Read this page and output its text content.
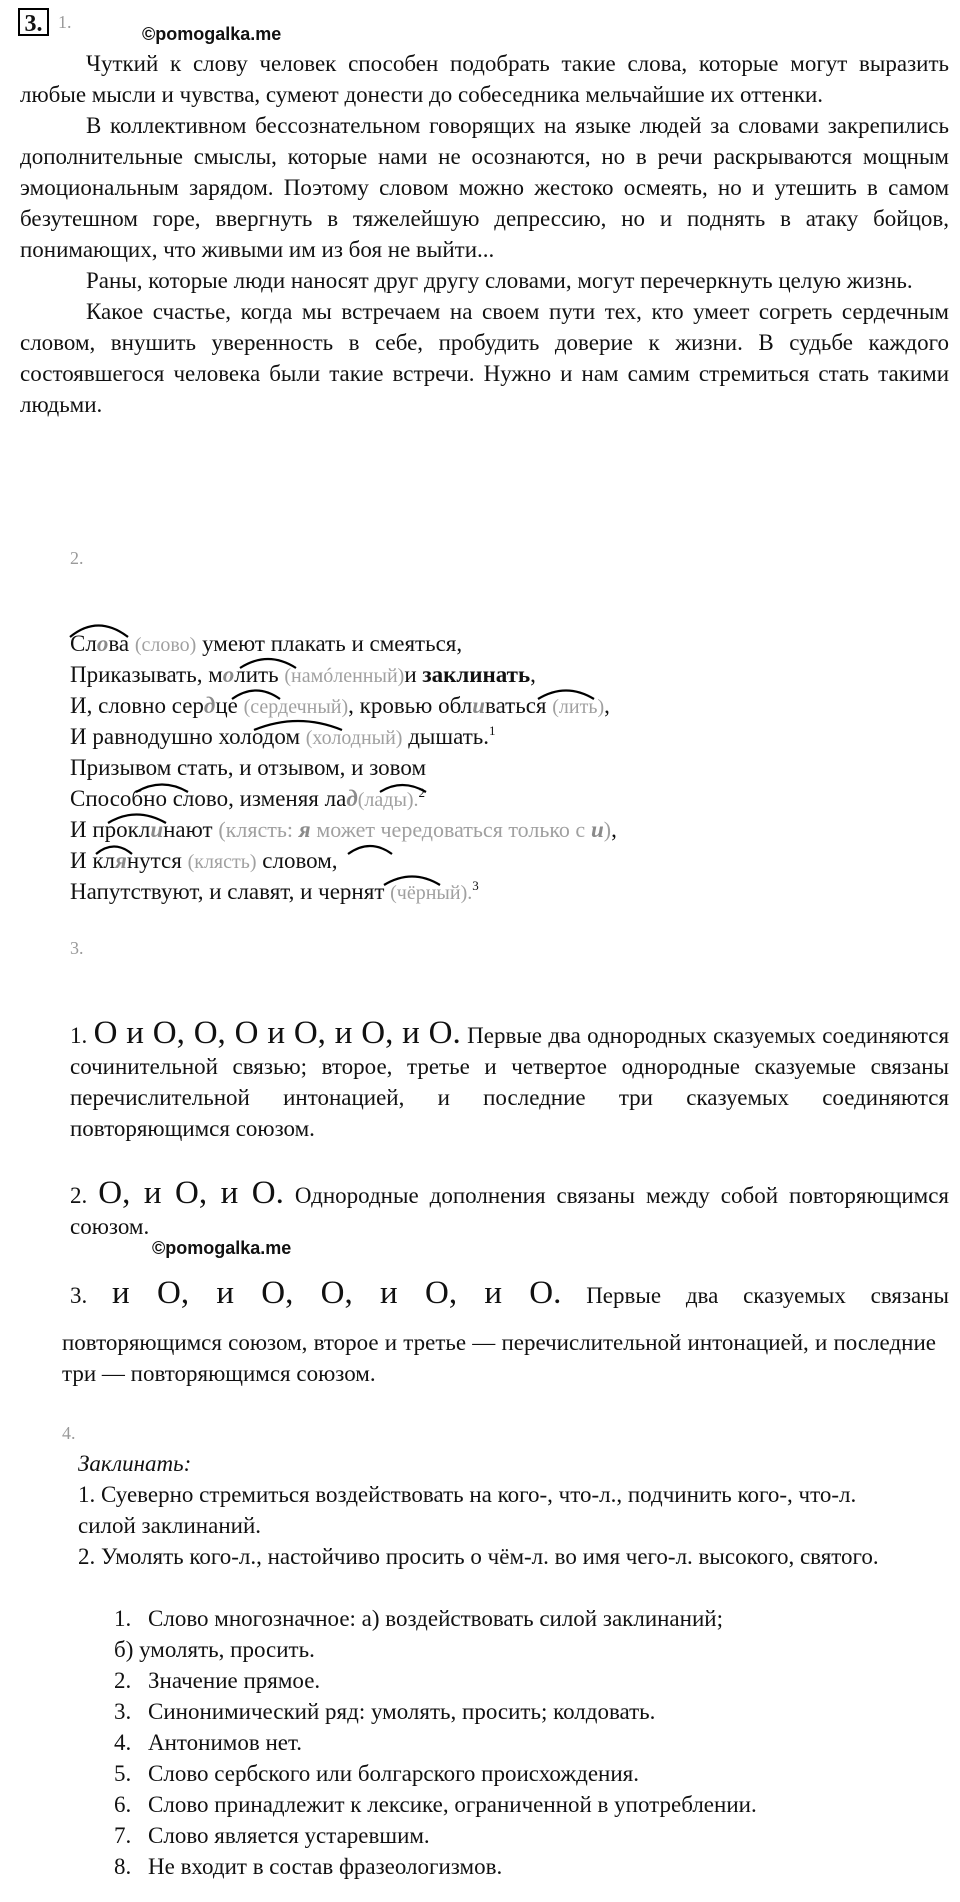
3. 1.
©pomogalka.me

Чуткий к слову человек способен подобрать такие слова, которые могут выразить любые мысли и чувства, сумеют донести до собеседника мельчайшие их оттенки.

В коллективном бессознательном говорящих на языке людей за словами закрепились дополнительные смыслы, которые нами не осознаются, но в речи раскрываются мощным эмоциональным зарядом. Поэтому словом можно жестоко осмеять, но и утешить в самом безутешном горе, ввергнуть в тяжелейшую депрессию, но и поднять в атаку бойцов, понимающих, что живыми им из боя не выйти...

Раны, которые люди наносят друг другу словами, могут перечеркнуть целую жизнь.

Какое счастье, когда мы встречаем на своем пути тех, кто умеет согреть сердечным словом, внушить уверенность в себе, пробудить доверие к жизни. В судьбе каждого состоявшегося человека были такие встречи. Нужно и нам самим стремиться стать такими людьми.

2.
Слова (слово) умеют плакать и смеяться,
Приказывать, молить (намóленный)и заклинать,
И, словно сердце (сердечный), кровью обливаться (лить),
И равнодушно холодом (холодный) дышать.$^1$
Призывом стать, и отзывом, и зовом
Способно слово, изменяя лад(лады).$^2$
И проклинают (клясть: я может чередоваться только с и),
И клянутся (клясть) словом,
Напутствуют, и славят, и чернят (чёрный).$^3$
3.
1. О и О, О, О и О, и О, и О. Первые два однородных сказуемых соединяются сочинительной связью; второе, третье и четвертое однородные сказуемые связаны перечислительной интонацией, и последние три сказуемых соединяются повторяющимся союзом.
2. О, и О, и О. Однородные дополнения связаны между собой повторяющимся союзом.
©pomogalka.me
3. и О, и О, О, и О, и О. Первые два сказуемых связаны
повторяющимся союзом, второе и третье — перечислительной интонацией, и последние три — повторяющимся союзом.
4.
Заклинать:
1. Суеверно стремиться воздействовать на кого-, что-л., подчинить кого-, что-л. силой заклинаний.
2. Умолять кого-л., настойчиво просить о чём-л. во имя чего-л. высокого, святого.
1. Слово многозначное: а) воздействовать силой заклинаний;
б) умолять, просить.
2. Значение прямое.
3. Синонимический ряд: умолять, просить; колдовать.
4. Антонимов нет.
5. Слово сербского или болгарского происхождения.
6. Слово принадлежит к лексике, ограниченной в употреблении.
7. Слово является устаревшим.
8. Не входит в состав фразеологизмов.
